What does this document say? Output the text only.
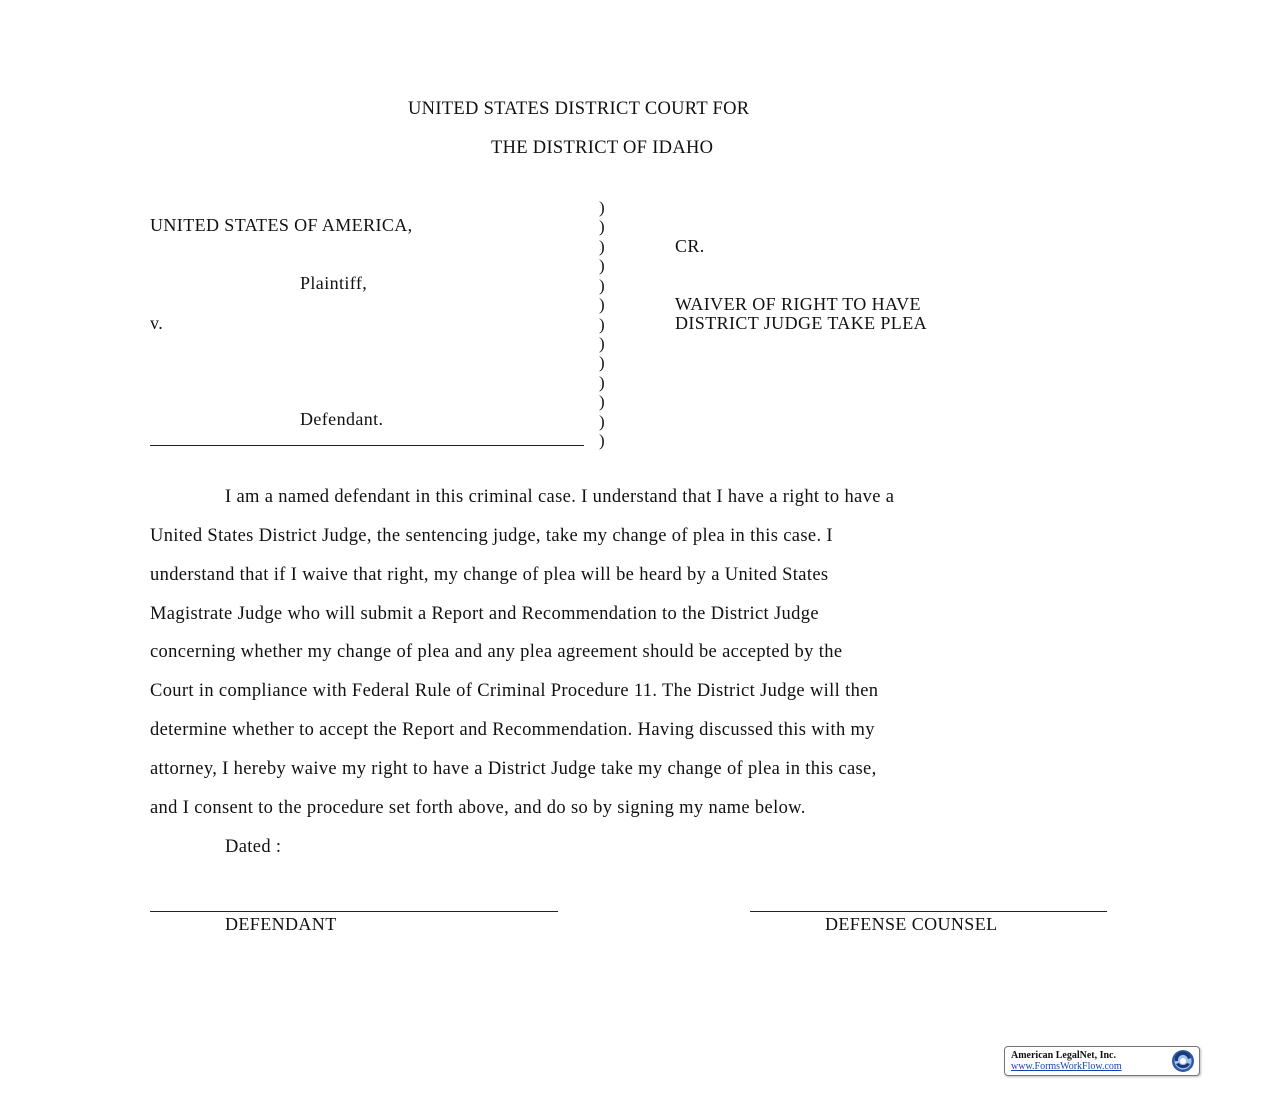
UNITED STATES DISTRICT COURT FOR
THE DISTRICT OF IDAHO
UNITED STATES OF AMERICA,
Plaintiff,
v.
Defendant.
)
)
)
)
)
)
)
)
)
)
)
)
)
CR.
WAIVER OF RIGHT TO HAVE
DISTRICT JUDGE TAKE PLEA
I am a named defendant in this criminal case. I understand that I have a right to have a
United States District Judge, the sentencing judge, take my change of plea in this case. I
understand that if I waive that right, my change of plea will be heard by a United States
Magistrate Judge who will submit a Report and Recommendation to the District Judge
concerning whether my change of plea and any plea agreement should be accepted by the
Court in compliance with Federal Rule of Criminal Procedure 11. The District Judge will then
determine whether to accept the Report and Recommendation. Having discussed this with my
attorney, I hereby waive my right to have a District Judge take my change of plea in this case,
and I consent to the procedure set forth above, and do so by signing my name below.
Dated :
DEFENDANT	DEFENSE COUNSEL
American LegalNet, Inc.
www.FormsWorkFlow.com
